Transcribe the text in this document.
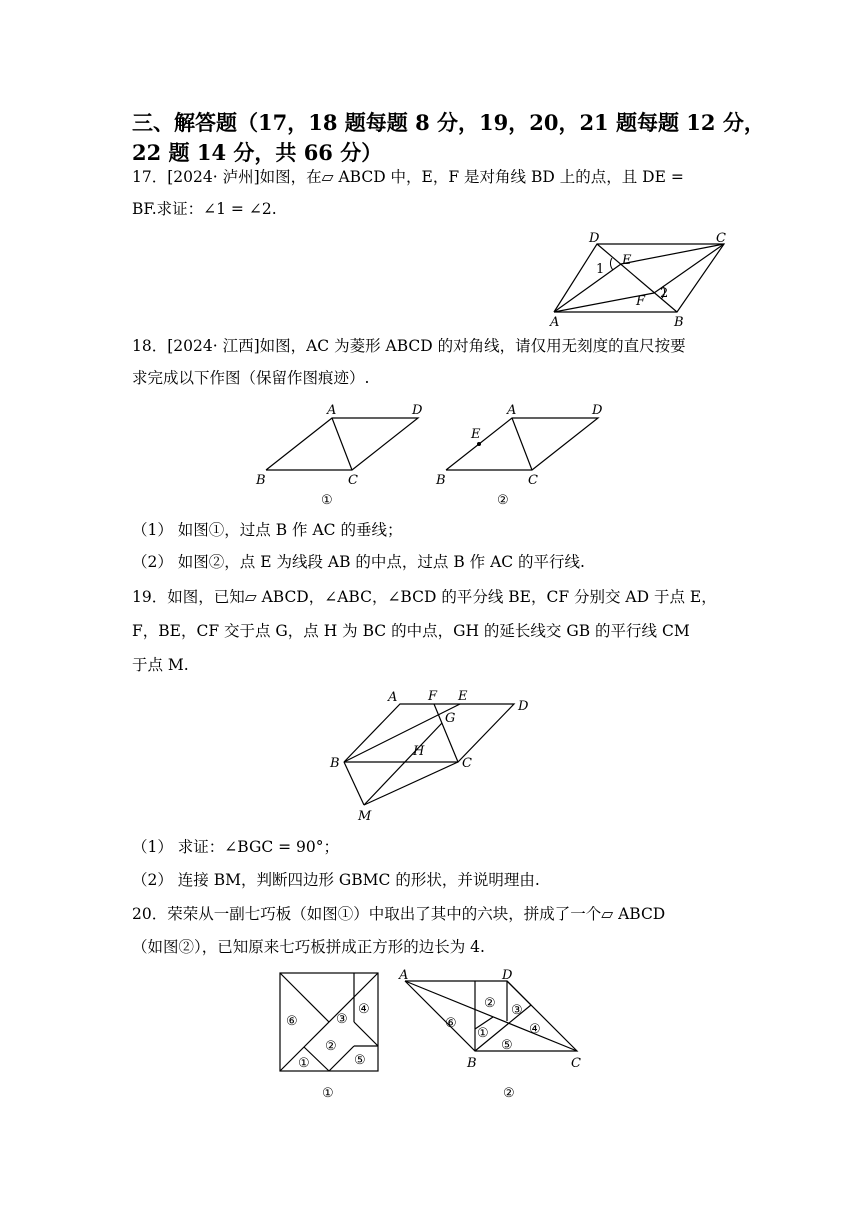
三、解答题（17，18 题每题 8 分，19，20，21 题每题 12 分，
22 题 14 分，共 66 分）
17．[2024· 泸州]如图，在▱ ABCD 中，E，F 是对角线 BD 上的点，且 DE =
BF.求证：∠1 = ∠2.
A
D	C
B
E
F
1
2
18．[2024· 江西]如图，AC 为菱形 ABCD 的对角线，请仅用无刻度的直尺按要
求完成以下作图（保留作图痕迹）.
A	D
B	C
①
A	D
B	C
E
②
（1） 如图①，过点 B 作 AC 的垂线；
（2） 如图②，点 E 为线段 AB 的中点，过点 B 作 AC 的平行线.
19．如图，已知▱ ABCD，∠ABC，∠BCD 的平分线 BE，CF 分别交 AD 于点 E，
F，BE，CF 交于点 G，点 H 为 BC 的中点，GH 的延长线交 GB 的平行线 CM
于点 M.
A F E
D
G
H
B	C
M
（1） 求证：∠BGC = 90°；
（2） 连接 BM，判断四边形 GBMC 的形状，并说明理由.
20．荣荣从一副七巧板（如图①）中取出了其中的六块，拼成了一个▱ ABCD
（如图②），已知原来七巧板拼成正方形的边长为 4.
⑥	③
④
②
①	⑤
①
A	D
B	C
⑥
② ③
④
①
⑤
②
